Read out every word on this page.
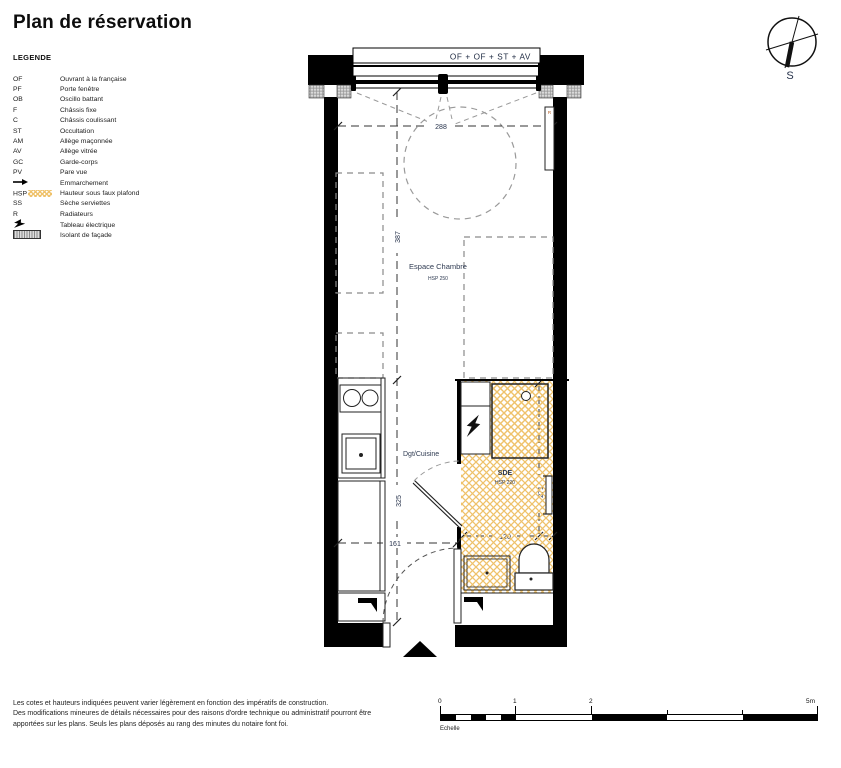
Plan de réservation
LEGENDE
OF	Ouvrant à la française
PF	Porte fenêtre
OB	Oscillo battant
F	Châssis fixe
C	Châssis coulissant
ST	Occultation
AM	Allège maçonnée
AV	Allège vitrée
GC	Garde-corps
PV	Pare vue
Emmarchement
HSP	Hauteur sous faux plafond
SS	Sèche serviettes
R	Radiateurs
Tableau électrique
Isolant de façade
OF + OF + ST + AV
288
387
325
161
R
Espace Chambre
HSP 250
Dgt/Cuisine
SDE
HSP 220
S
0	1	2	5m
Echelle
Les cotes et hauteurs indiquées peuvent varier légèrement en fonction des impératifs de construction.
Des modifications mineures de détails nécessaires pour des raisons d'ordre technique ou administratif pourront être
apportées sur les plans. Seuls les plans déposés au rang des minutes du notaire font foi.
